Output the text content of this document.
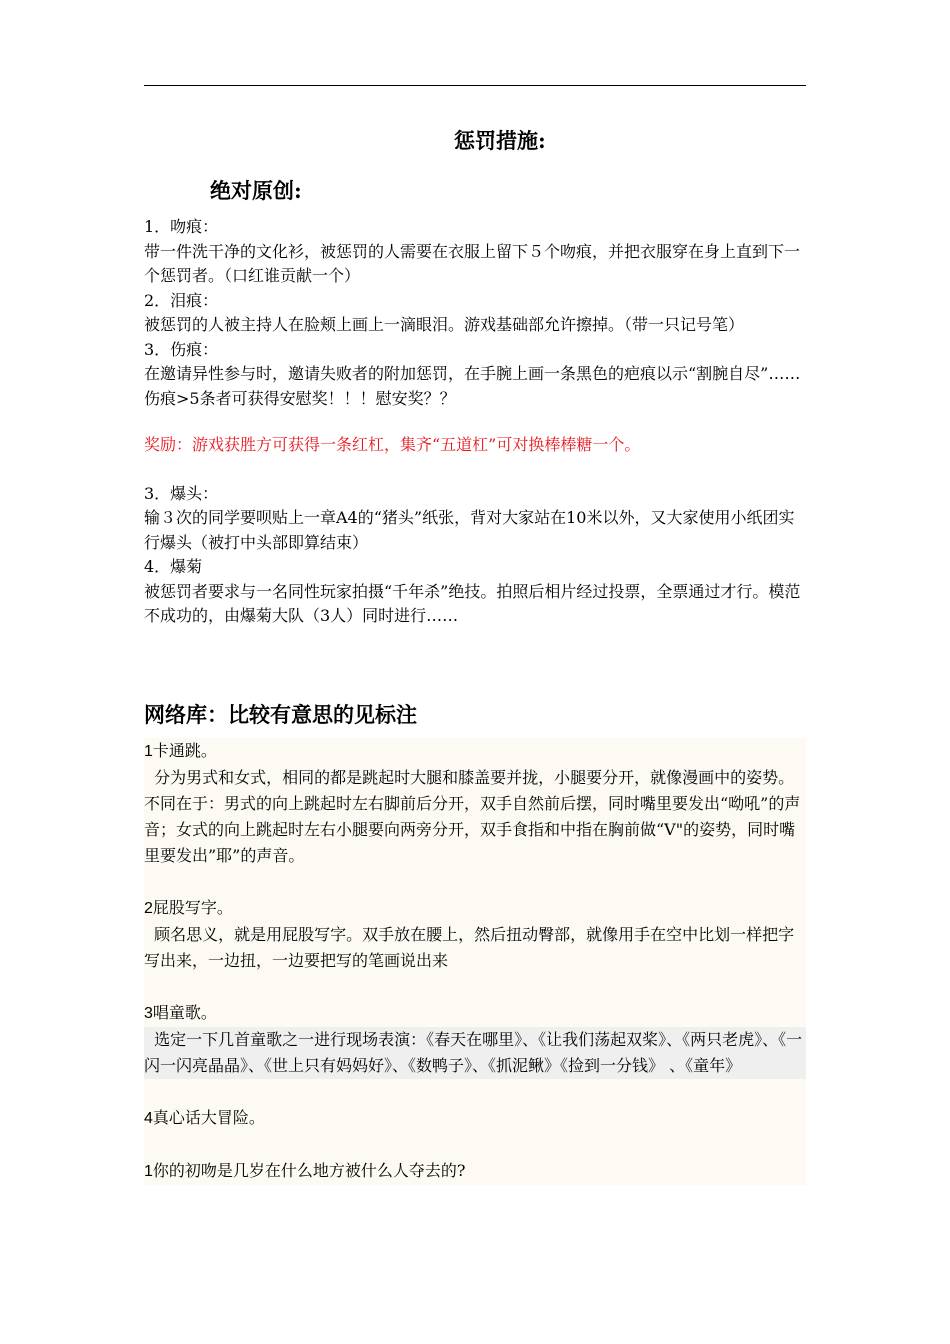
惩罚措施:
绝对原创:

1．吻痕：

带一件洗干净的文化衫，被惩罚的人需要在衣服上留下５个吻痕，并把衣服穿在身上直到下一个惩罚者。（口红谁贡献一个）

2．泪痕：

被惩罚的人被主持人在脸颊上画上一滴眼泪。游戏基础部允许擦掉。（带一只记号笔）

3．伤痕：

在邀请异性参与时，邀请失败者的附加惩罚，在手腕上画一条黑色的疤痕以示“割腕自尽”……伤痕>5条者可获得安慰奖！！！慰安奖？？

奖励：游戏获胜方可获得一条红杠，集齐“五道杠”可对换棒棒糖一个。

3．爆头：

输３次的同学要呗贴上一章A4的“猪头”纸张，背对大家站在10米以外，又大家使用小纸团实行爆头（被打中头部即算结束）

4．爆菊

被惩罚者要求与一名同性玩家拍摄“千年杀”绝技。拍照后相片经过投票，全票通过才行。模范不成功的，由爆菊大队（3人）同时进行……

网络库：比较有意思的见标注

1卡通跳。

分为男式和女式，相同的都是跳起时大腿和膝盖要并拢，小腿要分开，就像漫画中的姿势。不同在于：男式的向上跳起时左右脚前后分开，双手自然前后摆，同时嘴里要发出“呦吼”的声音；女式的向上跳起时左右小腿要向两旁分开，双手食指和中指在胸前做“V"的姿势，同时嘴里要发出”耶”的声音。

2屁股写字。

顾名思义，就是用屁股写字。双手放在腰上，然后扭动臀部，就像用手在空中比划一样把字写出来，一边扭，一边要把写的笔画说出来

3唱童歌。

选定一下几首童歌之一进行现场表演：《春天在哪里》、《让我们荡起双桨》、《两只老虎》、《一闪一闪亮晶晶》、《世上只有妈妈好》、《数鸭子》、《抓泥鳅》《捡到一分钱》 、《童年》

4真心话大冒险。

1你的初吻是几岁在什么地方被什么人夺去的?
